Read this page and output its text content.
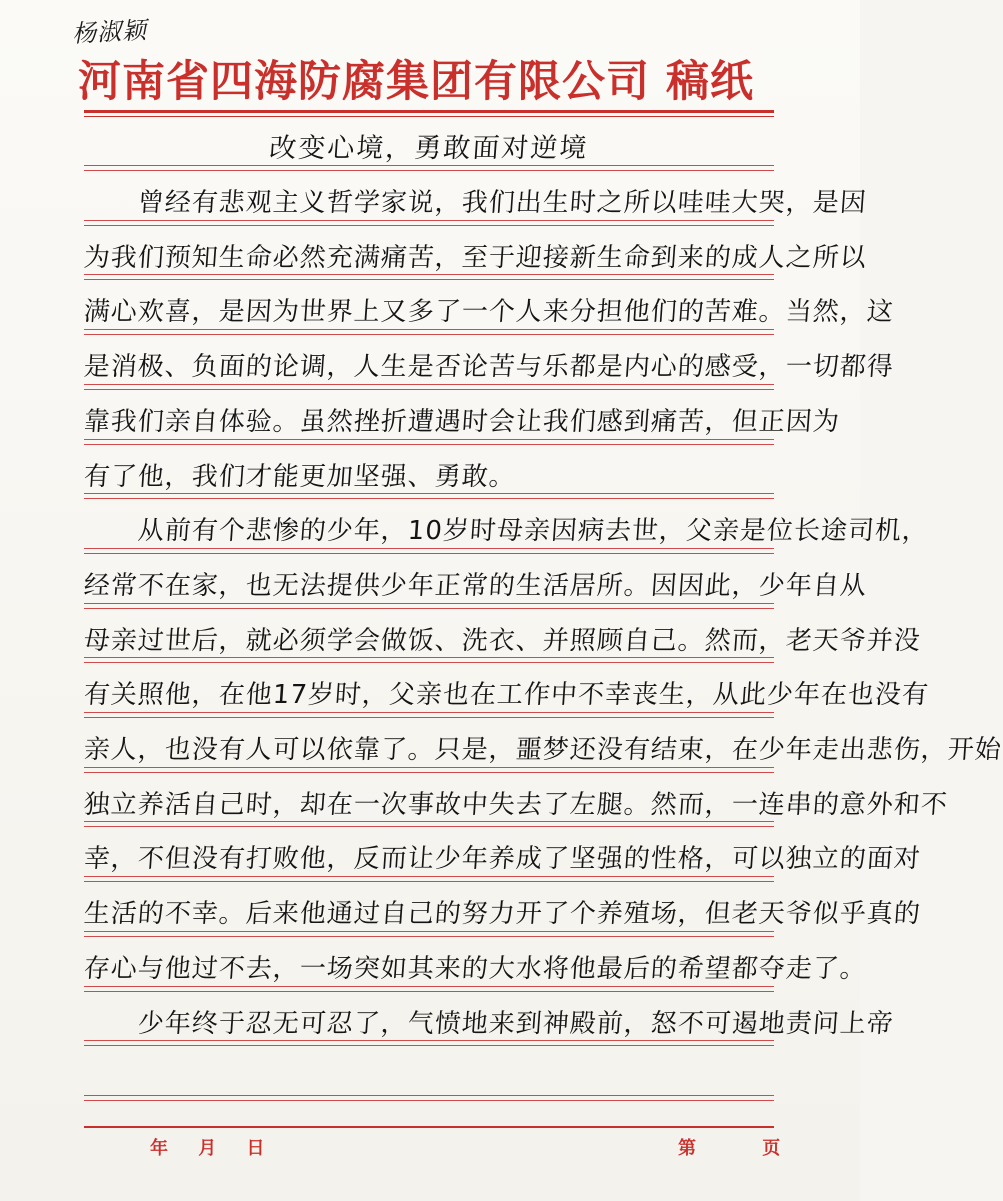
杨淑颖
河南省四海防腐集团有限公司 稿纸
改变心境，勇敢面对逆境
　　曾经有悲观主义哲学家说，我们出生时之所以哇哇大哭，是因
为我们预知生命必然充满痛苦，至于迎接新生命到来的成人之所以
满心欢喜，是因为世界上又多了一个人来分担他们的苦难。当然，这
是消极、负面的论调，人生是否论苦与乐都是内心的感受，一切都得
靠我们亲自体验。虽然挫折遭遇时会让我们感到痛苦，但正因为
有了他，我们才能更加坚强、勇敢。
　　从前有个悲惨的少年，10岁时母亲因病去世，父亲是位长途司机，
经常不在家，也无法提供少年正常的生活居所。因因此，少年自从
母亲过世后，就必须学会做饭、洗衣、并照顾自己。然而，老天爷并没
有关照他，在他17岁时，父亲也在工作中不幸丧生，从此少年在也没有
亲人，也没有人可以依靠了。只是，噩梦还没有结束，在少年走出悲伤，开始
独立养活自己时，却在一次事故中失去了左腿。然而，一连串的意外和不
幸，不但没有打败他，反而让少年养成了坚强的性格，可以独立的面对
生活的不幸。后来他通过自己的努力开了个养殖场，但老天爷似乎真的
存心与他过不去，一场突如其来的大水将他最后的希望都夺走了。
　　少年终于忍无可忍了，气愤地来到神殿前，怒不可遏地责问上帝
年 月 日	第 页
